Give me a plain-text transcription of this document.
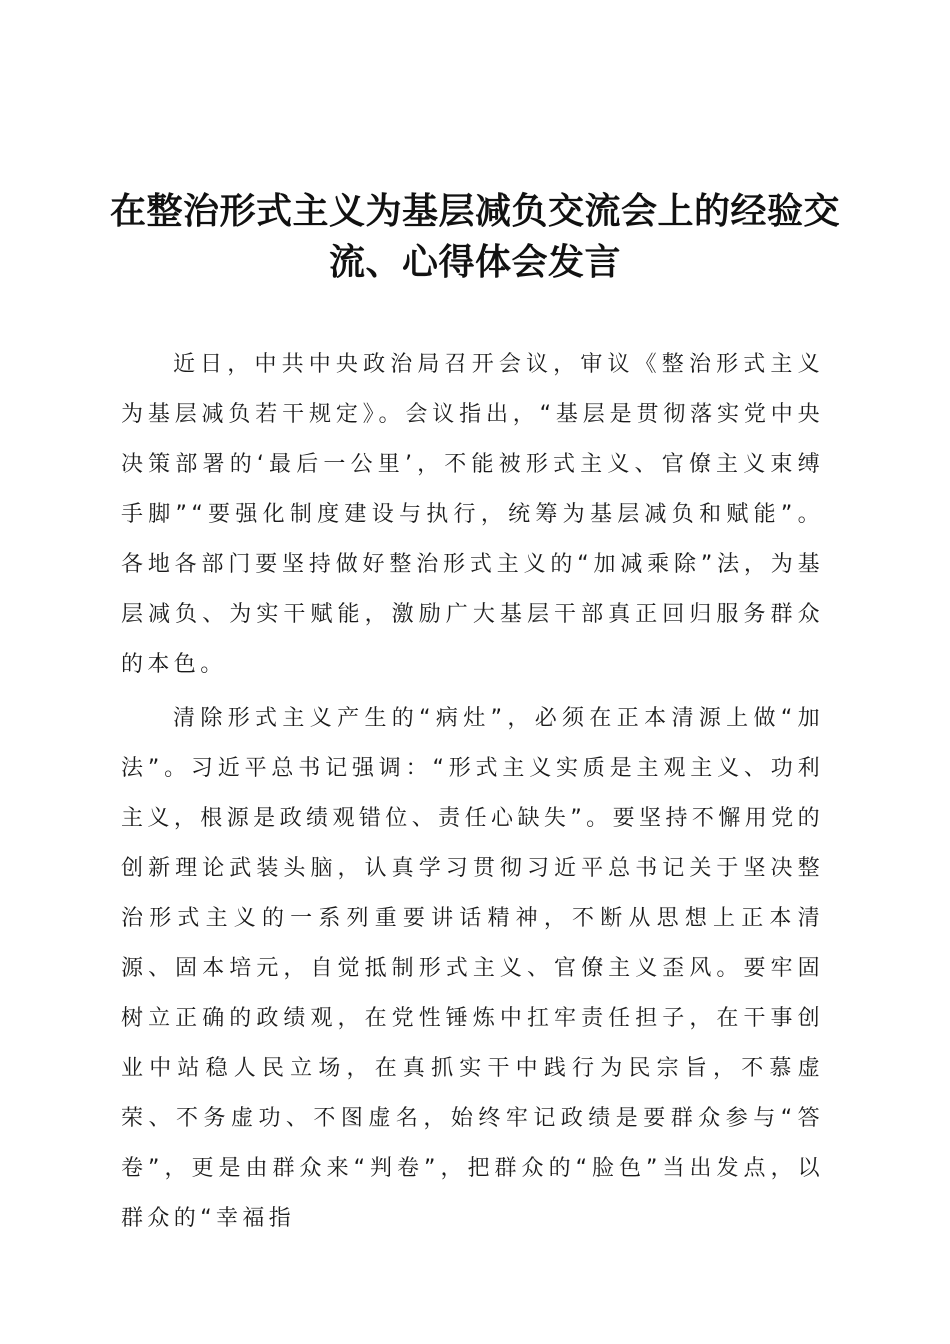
在整治形式主义为基层减负交流会上的经验交流、心得体会发言

近日，中共中央政治局召开会议，审议《整治形式主义为基层减负若干规定》。会议指出，“基层是贯彻落实党中央决策部署的‘最后一公里’，不能被形式主义、官僚主义束缚手脚”“要强化制度建设与执行，统筹为基层减负和赋能”。各地各部门要坚持做好整治形式主义的“加减乘除”法，为基层减负、为实干赋能，激励广大基层干部真正回归服务群众的本色。

清除形式主义产生的“病灶”，必须在正本清源上做“加法”。习近平总书记强调：“形式主义实质是主观主义、功利主义，根源是政绩观错位、责任心缺失”。要坚持不懈用党的创新理论武装头脑，认真学习贯彻习近平总书记关于坚决整治形式主义的一系列重要讲话精神，不断从思想上正本清源、固本培元，自觉抵制形式主义、官僚主义歪风。要牢固树立正确的政绩观，在党性锤炼中扛牢责任担子，在干事创业中站稳人民立场，在真抓实干中践行为民宗旨，不慕虚荣、不务虚功、不图虚名，始终牢记政绩是要群众参与“答卷”，更是由群众来“判卷”，把群众的“脸色”当出发点，以群众的“幸福指
